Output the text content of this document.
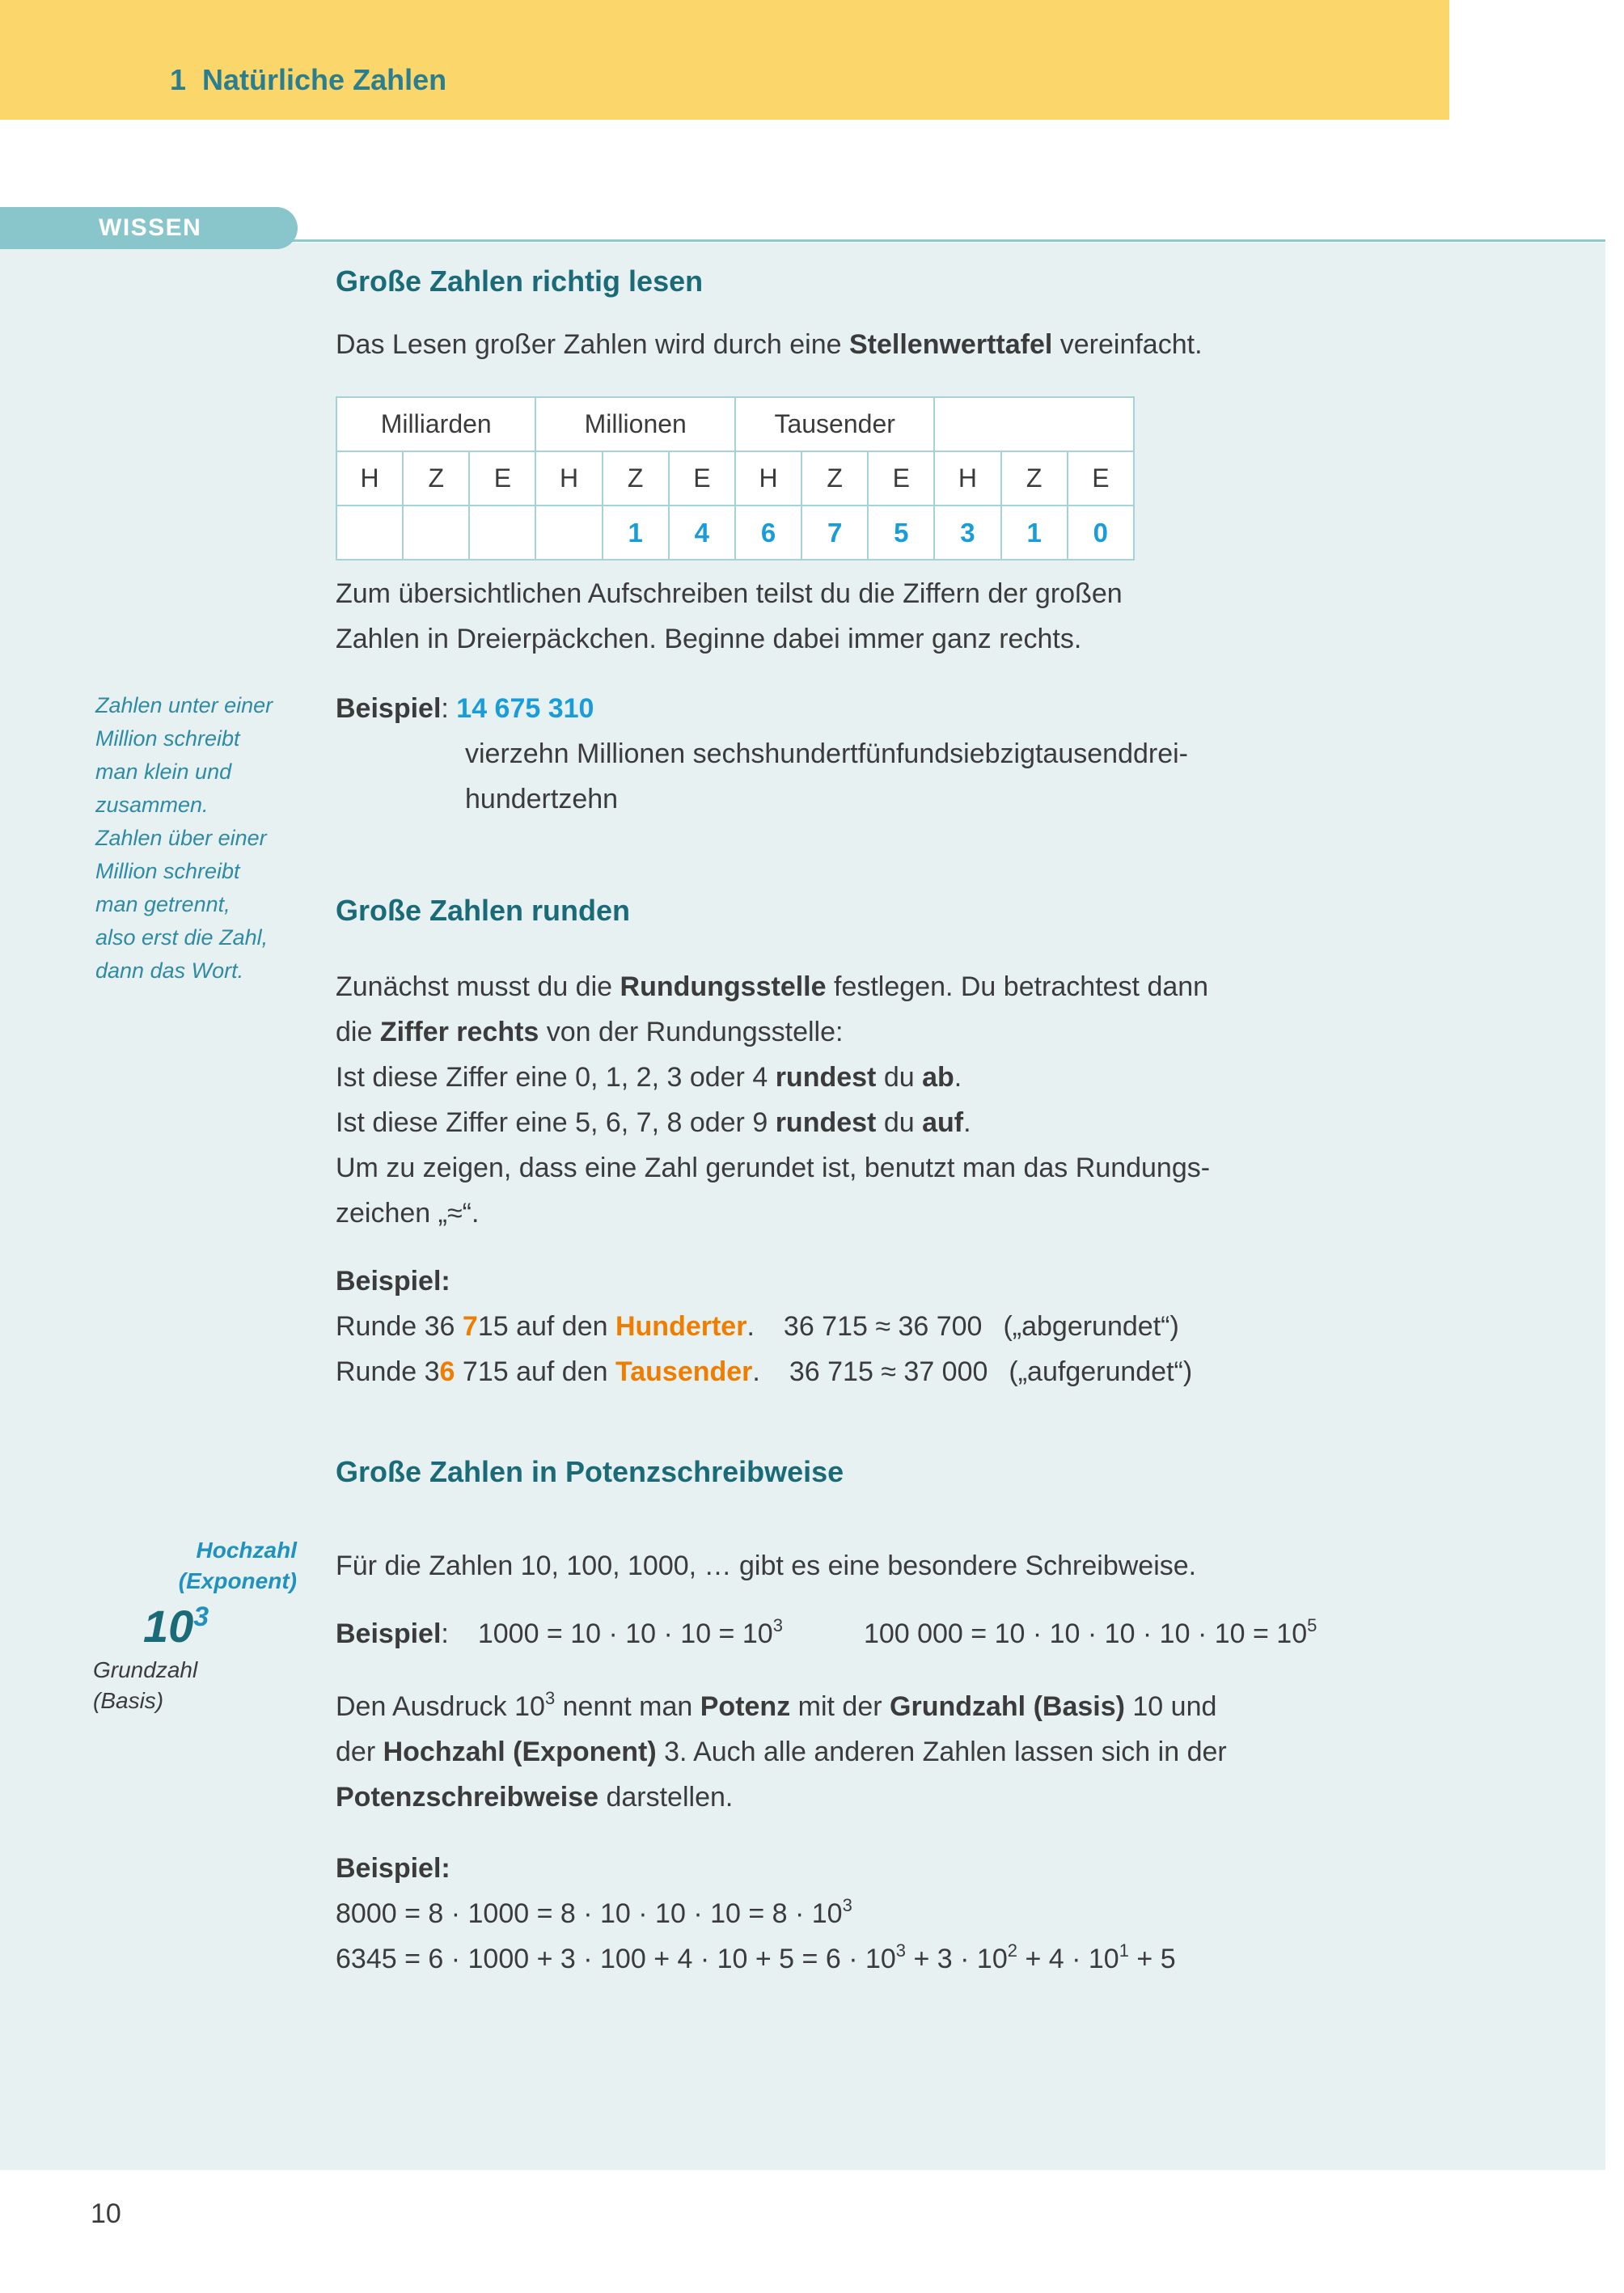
1  Natürliche Zahlen
WISSEN
Zahlen unter einer
Million schreibt
man klein und
zusammen.
Zahlen über einer
Million schreibt
man getrennt,
also erst die Zahl,
dann das Wort.
Hochzahl
(Exponent)
$10^3$
Grundzahl
(Basis)
Große Zahlen richtig lesen
Das Lesen großer Zahlen wird durch eine Stellenwerttafel vereinfacht.
Milliarden			Millionen			Tausender					
H	Z	E	H	Z	E	H	Z	E	H	Z	E
				1	4	6	7	5	3	1	0
Zum übersichtlichen Aufschreiben teilst du die Ziffern der großen
Zahlen in Dreierpäckchen. Beginne dabei immer ganz rechts.
Beispiel: 14 675 310
vierzehn Millionen sechshundertfünfundsiebzigtausenddrei-
hundertzehn
Große Zahlen runden
Zunächst musst du die Rundungsstelle festlegen. Du betrachtest dann
die Ziffer rechts von der Rundungsstelle:
Ist diese Ziffer eine 0, 1, 2, 3 oder 4 rundest du ab.
Ist diese Ziffer eine 5, 6, 7, 8 oder 9 rundest du auf.
Um zu zeigen, dass eine Zahl gerundet ist, benutzt man das Rundungs-
zeichen „≈“.
Beispiel:
Runde 36 715 auf den Hunderter. 36 715 ≈ 36 700 („abgerundet“)
Runde 36 715 auf den Tausender. 36 715 ≈ 37 000 („aufgerundet“)
Große Zahlen in Potenzschreibweise
Für die Zahlen 10, 100, 1000, … gibt es eine besondere Schreibweise.
Beispiel: $1000 = 10 \cdot 10 \cdot 10 = 10^3$	100 $000 = 10 \cdot 10 \cdot 10 \cdot 10 \cdot 10 = 10^5$
Den Ausdruck $10^3$ nennt man Potenz mit der Grundzahl (Basis) 10 und
der Hochzahl (Exponent) 3. Auch alle anderen Zahlen lassen sich in der
Potenzschreibweise darstellen.
Beispiel:
$8000 = 8 \cdot 1000 = 8 \cdot 10 \cdot 10 \cdot 10 = 8 \cdot 10^3$
$6345 = 6 \cdot 1000 + 3 \cdot 100 + 4 \cdot 10 + 5 = 6 \cdot 10^3 + 3 \cdot 10^2 + 4 \cdot 10^1 + 5$
10
